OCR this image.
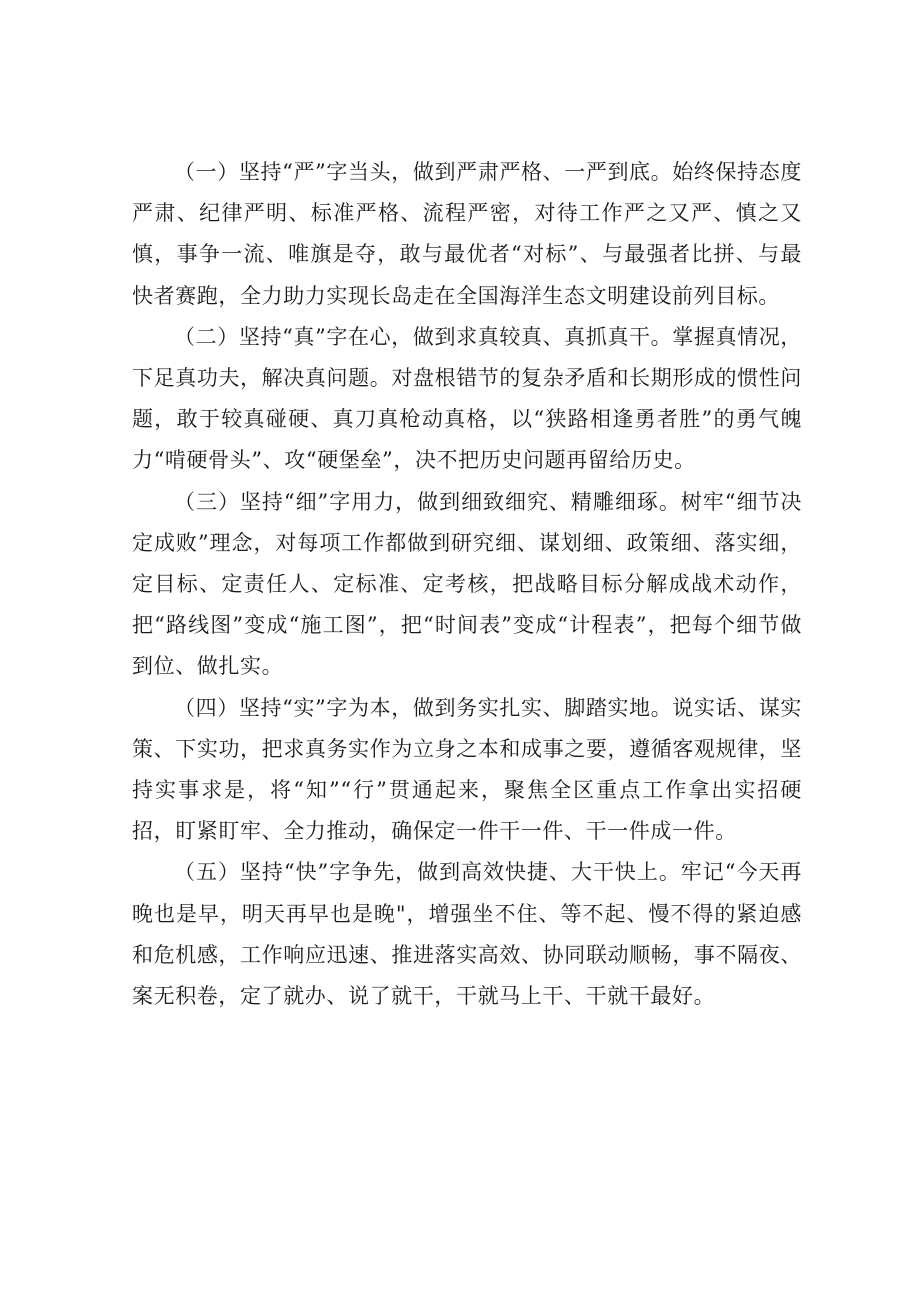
（一）坚持“严”字当头，做到严肃严格、一严到底。始终保持态度严肃、纪律严明、标准严格、流程严密，对待工作严之又严、慎之又慎，事争一流、唯旗是夺，敢与最优者“对标”、与最强者比拼、与最快者赛跑，全力助力实现长岛走在全国海洋生态文明建设前列目标。

（二）坚持“真”字在心，做到求真较真、真抓真干。掌握真情况，下足真功夫，解决真问题。对盘根错节的复杂矛盾和长期形成的惯性问题，敢于较真碰硬、真刀真枪动真格，以“狭路相逢勇者胜”的勇气魄力“啃硬骨头”、攻“硬堡垒”，决不把历史问题再留给历史。

（三）坚持“细”字用力，做到细致细究、精雕细琢。树牢“细节决定成败”理念，对每项工作都做到研究细、谋划细、政策细、落实细，定目标、定责任人、定标准、定考核，把战略目标分解成战术动作，把“路线图”变成“施工图”，把“时间表”变成“计程表”，把每个细节做到位、做扎实。

（四）坚持“实”字为本，做到务实扎实、脚踏实地。说实话、谋实策、下实功，把求真务实作为立身之本和成事之要，遵循客观规律，坚持实事求是，将“知”“行”贯通起来，聚焦全区重点工作拿出实招硬招，盯紧盯牢、全力推动，确保定一件干一件、干一件成一件。

（五）坚持“快”字争先，做到高效快捷、大干快上。牢记“今天再晚也是早，明天再早也是晚"，增强坐不住、等不起、慢不得的紧迫感和危机感，工作响应迅速、推进落实高效、协同联动顺畅，事不隔夜、案无积卷，定了就办、说了就干，干就马上干、干就干最好。
